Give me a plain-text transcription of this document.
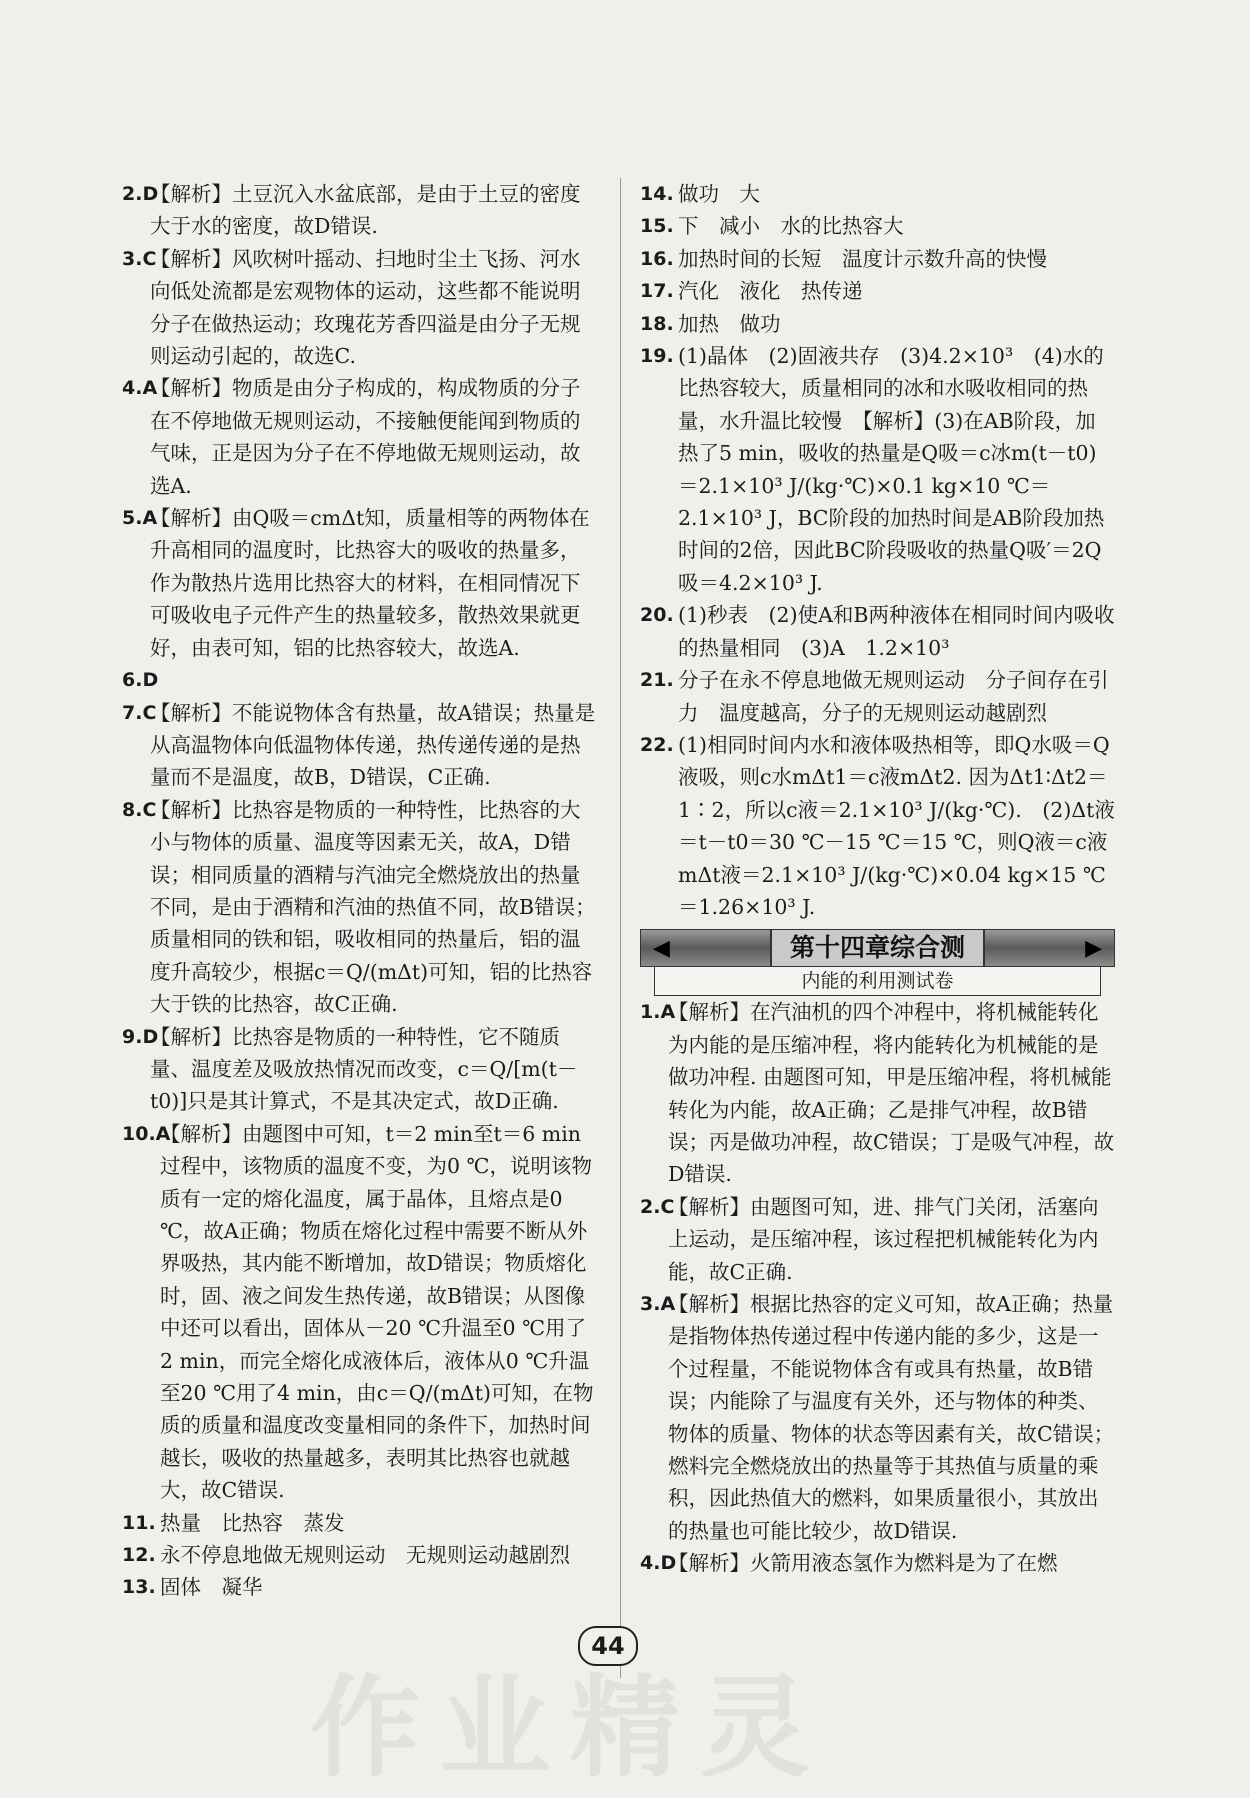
2.D
【解析】土豆沉入水盆底部，是由于土豆的密度大于水的密度，故D错误.

3.C
【解析】风吹树叶摇动、扫地时尘土飞扬、河水向低处流都是宏观物体的运动，这些都不能说明分子在做热运动；玫瑰花芳香四溢是由分子无规则运动引起的，故选C.

4.A
【解析】物质是由分子构成的，构成物质的分子在不停地做无规则运动，不接触便能闻到物质的气味，正是因为分子在不停地做无规则运动，故选A.

5.A
【解析】由Q吸＝cmΔt知，质量相等的两物体在升高相同的温度时，比热容大的吸收的热量多，作为散热片选用比热容大的材料，在相同情况下可吸收电子元件产生的热量较多，散热效果就更好，由表可知，铝的比热容较大，故选A.

6.D

7.C
【解析】不能说物体含有热量，故A错误；热量是从高温物体向低温物体传递，热传递传递的是热量而不是温度，故B，D错误，C正确.

8.C
【解析】比热容是物质的一种特性，比热容的大小与物体的质量、温度等因素无关，故A，D错误；相同质量的酒精与汽油完全燃烧放出的热量不同，是由于酒精和汽油的热值不同，故B错误；质量相同的铁和铝，吸收相同的热量后，铝的温度升高较少，根据c＝Q/(mΔt)可知，铝的比热容大于铁的比热容，故C正确.

9.D
【解析】比热容是物质的一种特性，它不随质量、温度差及吸放热情况而改变，c＝Q/[m(t－t0)]只是其计算式，不是其决定式，故D正确.

10.A
【解析】由题图中可知，t＝2 min至t＝6 min过程中，该物质的温度不变，为0 ℃，说明该物质有一定的熔化温度，属于晶体，且熔点是0 ℃，故A正确；物质在熔化过程中需要不断从外界吸热，其内能不断增加，故D错误；物质熔化时，固、液之间发生热传递，故B错误；从图像中还可以看出，固体从－20 ℃升温至0 ℃用了2 min，而完全熔化成液体后，液体从0 ℃升温至20 ℃用了4 min，由c＝Q/(mΔt)可知，在物质的质量和温度改变量相同的条件下，加热时间越长，吸收的热量越多，表明其比热容也就越大，故C错误.

11. 热量　比热容　蒸发

12. 永不停息地做无规则运动　无规则运动越剧烈

13. 固体　凝华

14. 做功　大

15. 下　减小　水的比热容大

16. 加热时间的长短　温度计示数升高的快慢

17. 汽化　液化　热传递

18. 加热　做功

19. (1)晶体　(2)固液共存　(3)4.2×10³　(4)水的比热容较大，质量相同的冰和水吸收相同的热量，水升温比较慢　【解析】(3)在AB阶段，加热了5 min，吸收的热量是Q吸＝c冰m(t－t0)＝2.1×10³ J/(kg·℃)×0.1 kg×10 ℃＝2.1×10³ J，BC阶段的加热时间是AB阶段加热时间的2倍，因此BC阶段吸收的热量Q吸′＝2Q吸＝4.2×10³ J.

20. (1)秒表　(2)使A和B两种液体在相同时间内吸收的热量相同　(3)A　1.2×10³

21. 分子在永不停息地做无规则运动　分子间存在引力　温度越高，分子的无规则运动越剧烈

22. (1)相同时间内水和液体吸热相等，即Q水吸＝Q液吸，则c水mΔt1＝c液mΔt2. 因为Δt1∶Δt2＝1∶2，所以c液＝2.1×10³ J/(kg·℃).　(2)Δt液＝t－t0＝30 ℃－15 ℃＝15 ℃，则Q液＝c液mΔt液＝2.1×10³ J/(kg·℃)×0.04 kg×15 ℃＝1.26×10³ J.

◀	第十四章综合测	▶
内能的利用测试卷

1.A
【解析】在汽油机的四个冲程中，将机械能转化为内能的是压缩冲程，将内能转化为机械能的是做功冲程. 由题图可知，甲是压缩冲程，将机械能转化为内能，故A正确；乙是排气冲程，故B错误；丙是做功冲程，故C错误；丁是吸气冲程，故D错误.

2.C
【解析】由题图可知，进、排气门关闭，活塞向上运动，是压缩冲程，该过程把机械能转化为内能，故C正确.

3.A
【解析】根据比热容的定义可知，故A正确；热量是指物体热传递过程中传递内能的多少，这是一个过程量，不能说物体含有或具有热量，故B错误；内能除了与温度有关外，还与物体的种类、物体的质量、物体的状态等因素有关，故C错误；燃料完全燃烧放出的热量等于其热值与质量的乘积，因此热值大的燃料，如果质量很小，其放出的热量也可能比较少，故D错误.

4.D
【解析】火箭用液态氢作为燃料是为了在燃

44
作业精灵
